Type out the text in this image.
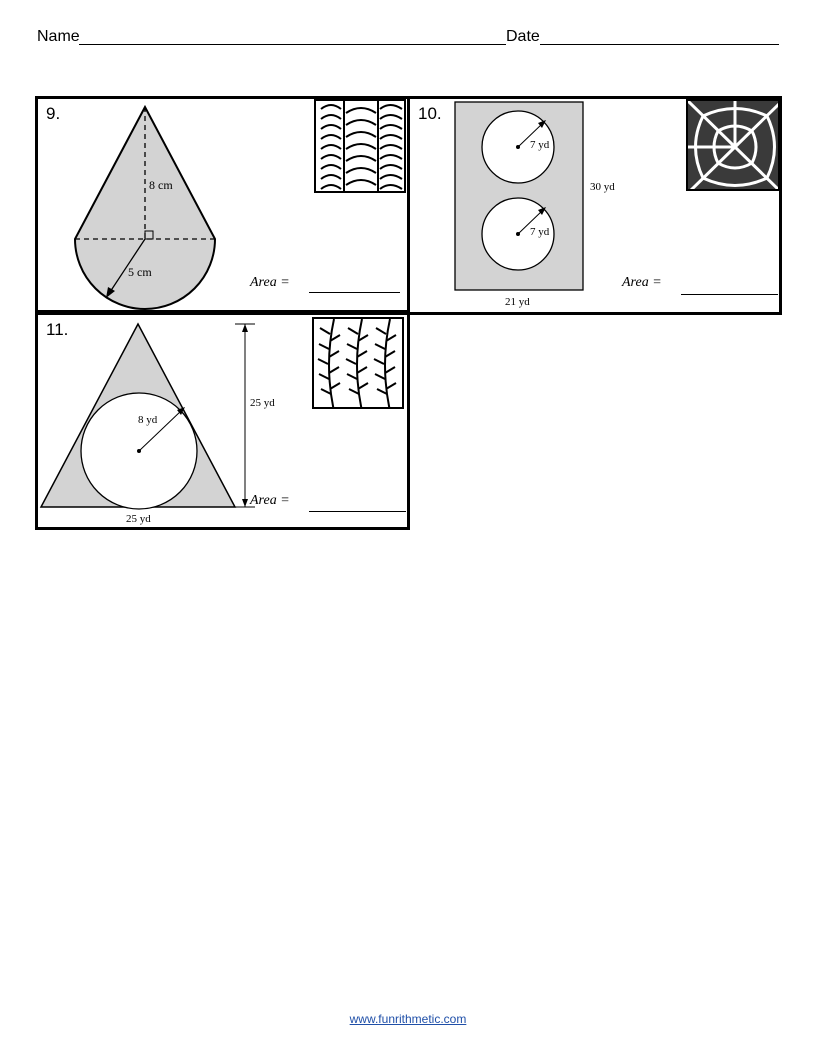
Name	Date
9.
8 cm
5 cm
Area =
10.
7 yd
7 yd
30 yd
21 yd
Area =
11.
8 yd
25 yd
25 yd
Area =
www.funrithmetic.com
